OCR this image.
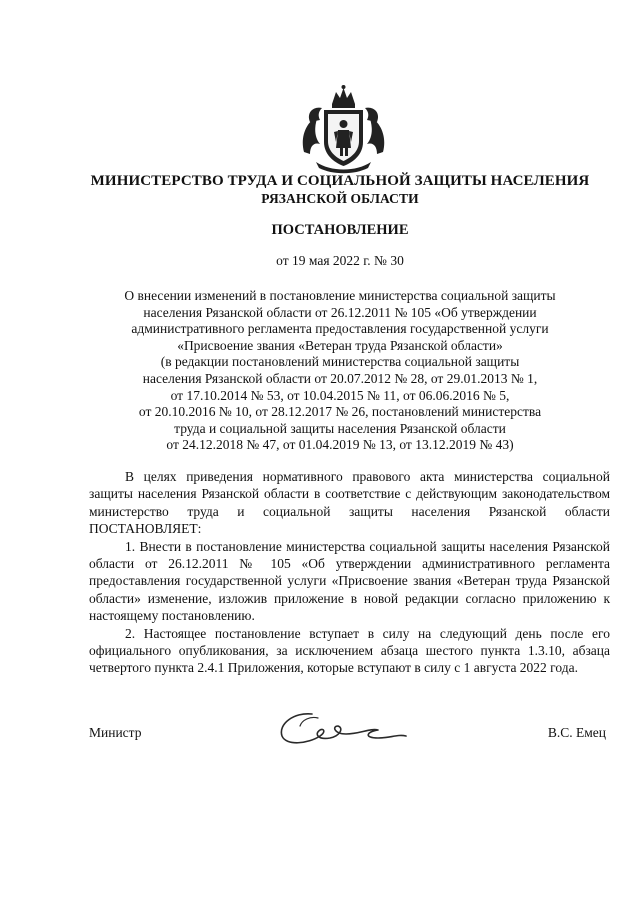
МИНИСТЕРСТВО ТРУДА И СОЦИАЛЬНОЙ ЗАЩИТЫ НАСЕЛЕНИЯ
РЯЗАНСКОЙ ОБЛАСТИ
ПОСТАНОВЛЕНИЕ
от 19 мая 2022 г. № 30
О внесении изменений в постановление министерства социальной защиты
населения Рязанской области от 26.12.2011 № 105 «Об утверждении
административного регламента предоставления государственной услуги
«Присвоение звания «Ветеран труда Рязанской области»
(в редакции постановлений министерства социальной защиты
населения Рязанской области от 20.07.2012 № 28, от 29.01.2013 № 1,
от 17.10.2014 № 53, от 10.04.2015 № 11, от 06.06.2016 № 5,
от 20.10.2016 № 10, от 28.12.2017 № 26, постановлений министерства
труда и социальной защиты населения Рязанской области
от 24.12.2018 № 47, от 01.04.2019 № 13, от 13.12.2019 № 43)

В целях приведения нормативного правового акта министерства социальной защиты населения Рязанской области в соответствие с действующим законодательством министерство труда и социальной защиты населения Рязанской области ПОСТАНОВЛЯЕТ:

1. Внести в постановление министерства социальной защиты населения Рязанской области от 26.12.2011 № 105 «Об утверждении административного регламента предоставления государственной услуги «Присвоение звания «Ветеран труда Рязанской области» изменение, изложив приложение в новой редакции согласно приложению к настоящему постановлению.

2. Настоящее постановление вступает в силу на следующий день после его официального опубликования, за исключением абзаца шестого пункта 1.3.10, абзаца четвертого пункта 2.4.1 Приложения, которые вступают в силу с 1 августа 2022 года.

Министр	В.С. Емец
